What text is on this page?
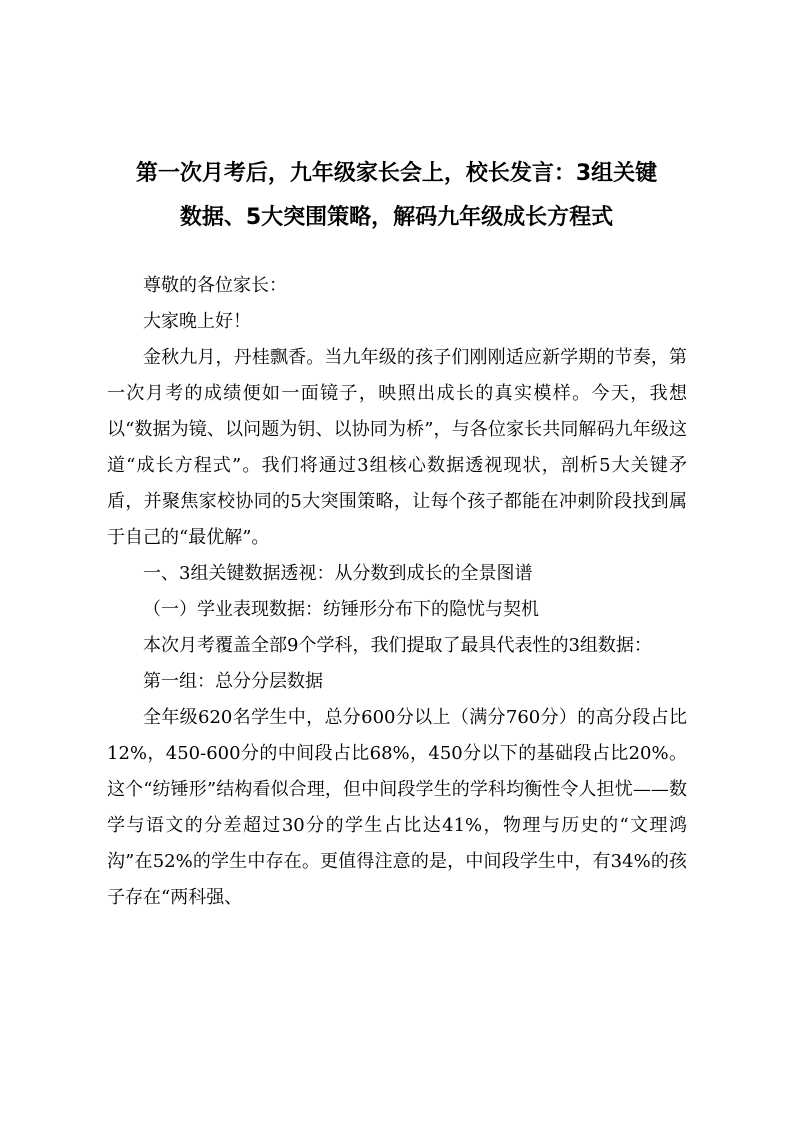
第一次月考后，九年级家长会上，校长发言：3组关键
数据、5大突围策略，解码九年级成长方程式

尊敬的各位家长：

大家晚上好！

金秋九月，丹桂飘香。当九年级的孩子们刚刚适应新学期的节奏，第一次月考的成绩便如一面镜子，映照出成长的真实模样。今天，我想以“数据为镜、以问题为钥、以协同为桥”，与各位家长共同解码九年级这道“成长方程式”。我们将通过3组核心数据透视现状，剖析5大关键矛盾，并聚焦家校协同的5大突围策略，让每个孩子都能在冲刺阶段找到属于自己的“最优解”。

一、3组关键数据透视：从分数到成长的全景图谱

（一）学业表现数据：纺锤形分布下的隐忧与契机

本次月考覆盖全部9个学科，我们提取了最具代表性的3组数据：

第一组：总分分层数据

全年级620名学生中，总分600分以上（满分760分）的高分段占比12%，450-600分的中间段占比68%，450分以下的基础段占比20%。这个“纺锤形”结构看似合理，但中间段学生的学科均衡性令人担忧——数学与语文的分差超过30分的学生占比达41%，物理与历史的“文理鸿沟”在52%的学生中存在。更值得注意的是，中间段学生中，有34%的孩子存在“两科强、
